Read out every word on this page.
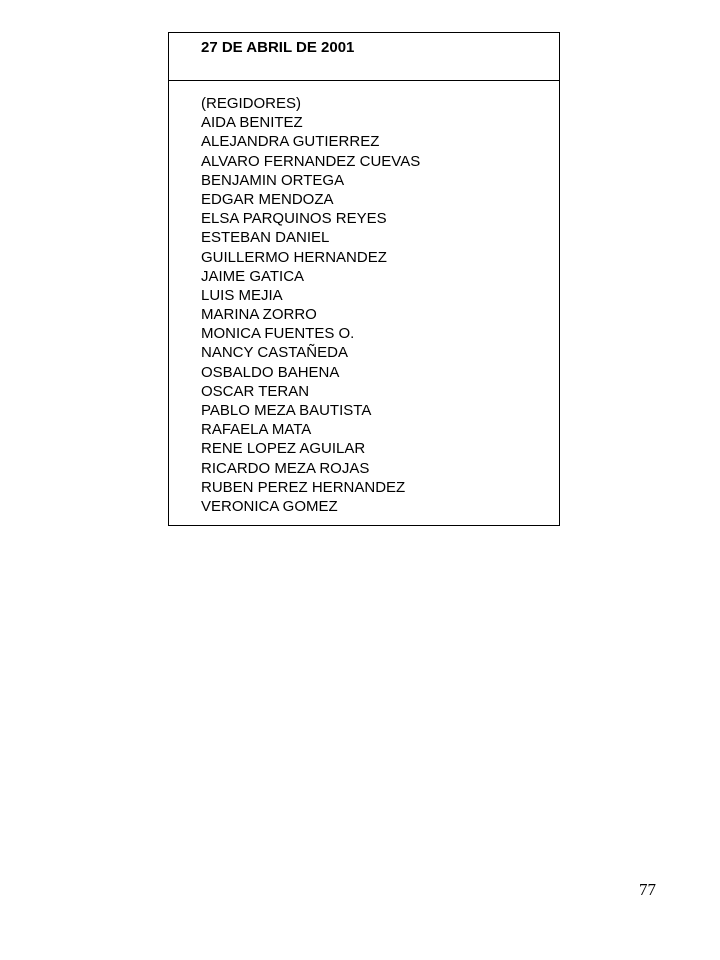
27 DE ABRIL DE 2001
(REGIDORES)
AIDA BENITEZ
ALEJANDRA GUTIERREZ
ALVARO FERNANDEZ CUEVAS
BENJAMIN ORTEGA
EDGAR MENDOZA
ELSA PARQUINOS REYES
ESTEBAN DANIEL
GUILLERMO HERNANDEZ
JAIME GATICA
LUIS MEJIA
MARINA ZORRO
MONICA FUENTES O.
NANCY CASTAÑEDA
OSBALDO BAHENA
OSCAR TERAN
PABLO MEZA BAUTISTA
RAFAELA MATA
RENE LOPEZ AGUILAR
RICARDO MEZA ROJAS
RUBEN PEREZ HERNANDEZ
VERONICA GOMEZ
77
